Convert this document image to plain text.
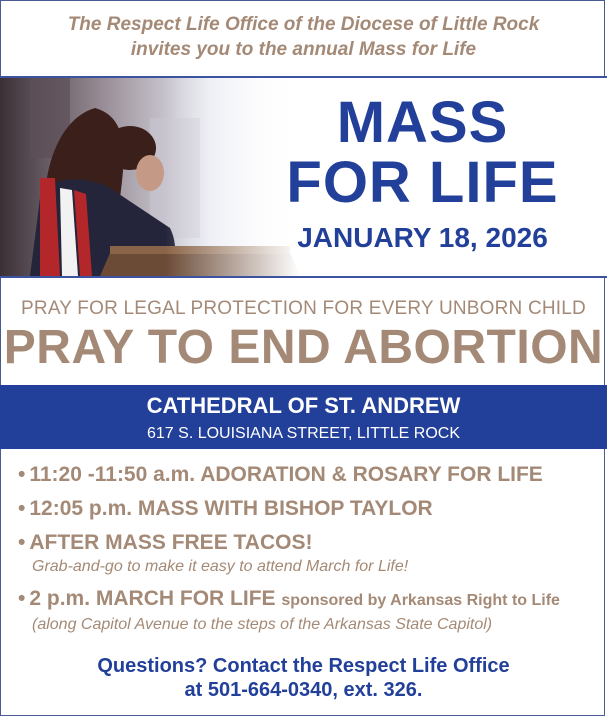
The Respect Life Office of the Diocese of Little Rock
invites you to the annual Mass for Life
MASS
FOR LIFE
JANUARY 18, 2026
PRAY FOR LEGAL PROTECTION FOR EVERY UNBORN CHILD
PRAY TO END ABORTION
CATHEDRAL OF ST. ANDREW
617 S. LOUISIANA STREET, LITTLE ROCK
• 11:20 -11:50 a.m. ADORATION & ROSARY FOR LIFE
• 12:05 p.m. MASS WITH BISHOP TAYLOR
• AFTER MASS FREE TACOS!
Grab-and-go to make it easy to attend March for Life!
• 2 p.m. MARCH FOR LIFE sponsored by Arkansas Right to Life
(along Capitol Avenue to the steps of the Arkansas State Capitol)
Questions? Contact the Respect Life Office
at 501-664-0340, ext. 326.
